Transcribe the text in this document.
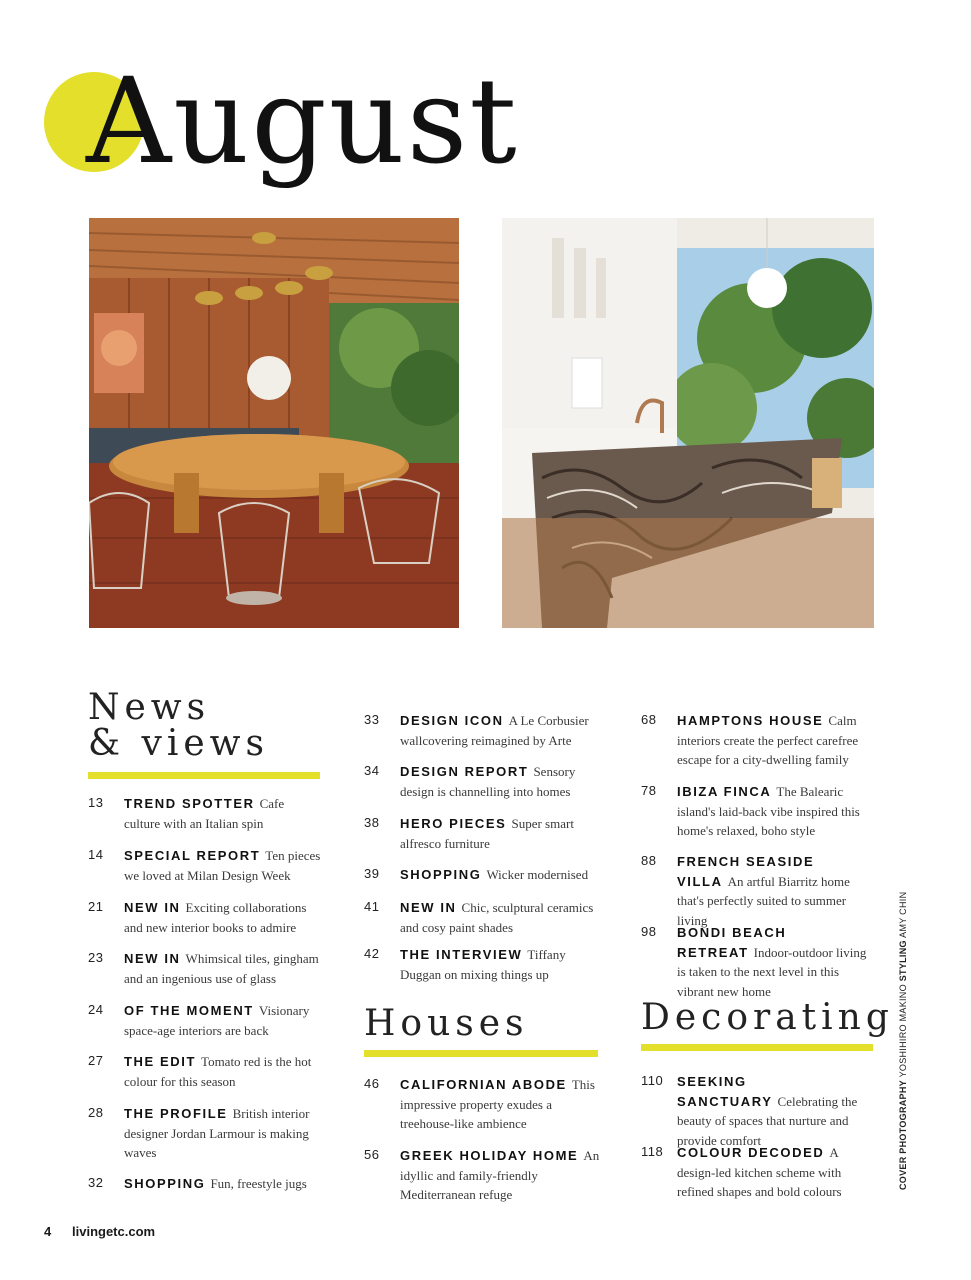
August
News
& views
13	TREND SPOTTER Cafe culture with an Italian spin
14	SPECIAL REPORT Ten pieces we loved at Milan Design Week
21	NEW IN Exciting collaborations and new interior books to admire
23	NEW IN Whimsical tiles, gingham and an ingenious use of glass
24	OF THE MOMENT Visionary space-age interiors are back
27	THE EDIT Tomato red is the hot colour for this season
28	THE PROFILE British interior designer Jordan Larmour is making waves
32	SHOPPING Fun, freestyle jugs
33	DESIGN ICON A Le Corbusier wallcovering reimagined by Arte
34	DESIGN REPORT Sensory design is channelling into homes
38	HERO PIECES Super smart alfresco furniture
39	SHOPPING Wicker modernised
41	NEW IN Chic, sculptural ceramics and cosy paint shades
42	THE INTERVIEW Tiffany Duggan on mixing things up
Houses
46	CALIFORNIAN ABODE This impressive property exudes a treehouse-like ambience
56	GREEK HOLIDAY HOME An idyllic and family-friendly Mediterranean refuge
68	HAMPTONS HOUSE Calm interiors create the perfect carefree escape for a city-dwelling family
78	IBIZA FINCA The Balearic island's laid-back vibe inspired this home's relaxed, boho style
88	FRENCH SEASIDE VILLA An artful Biarritz home that's perfectly suited to summer living
98	BONDI BEACH RETREAT Indoor-outdoor living is taken to the next level in this vibrant new home
Decorating
110	SEEKING SANCTUARY Celebrating the beauty of spaces that nurture and provide comfort
118	COLOUR DECODED A design-led kitchen scheme with refined shapes and bold colours
COVER PHOTOGRAPHY YOSHIHIRO MAKINO STYLING AMY CHIN
4 livingetc.com
